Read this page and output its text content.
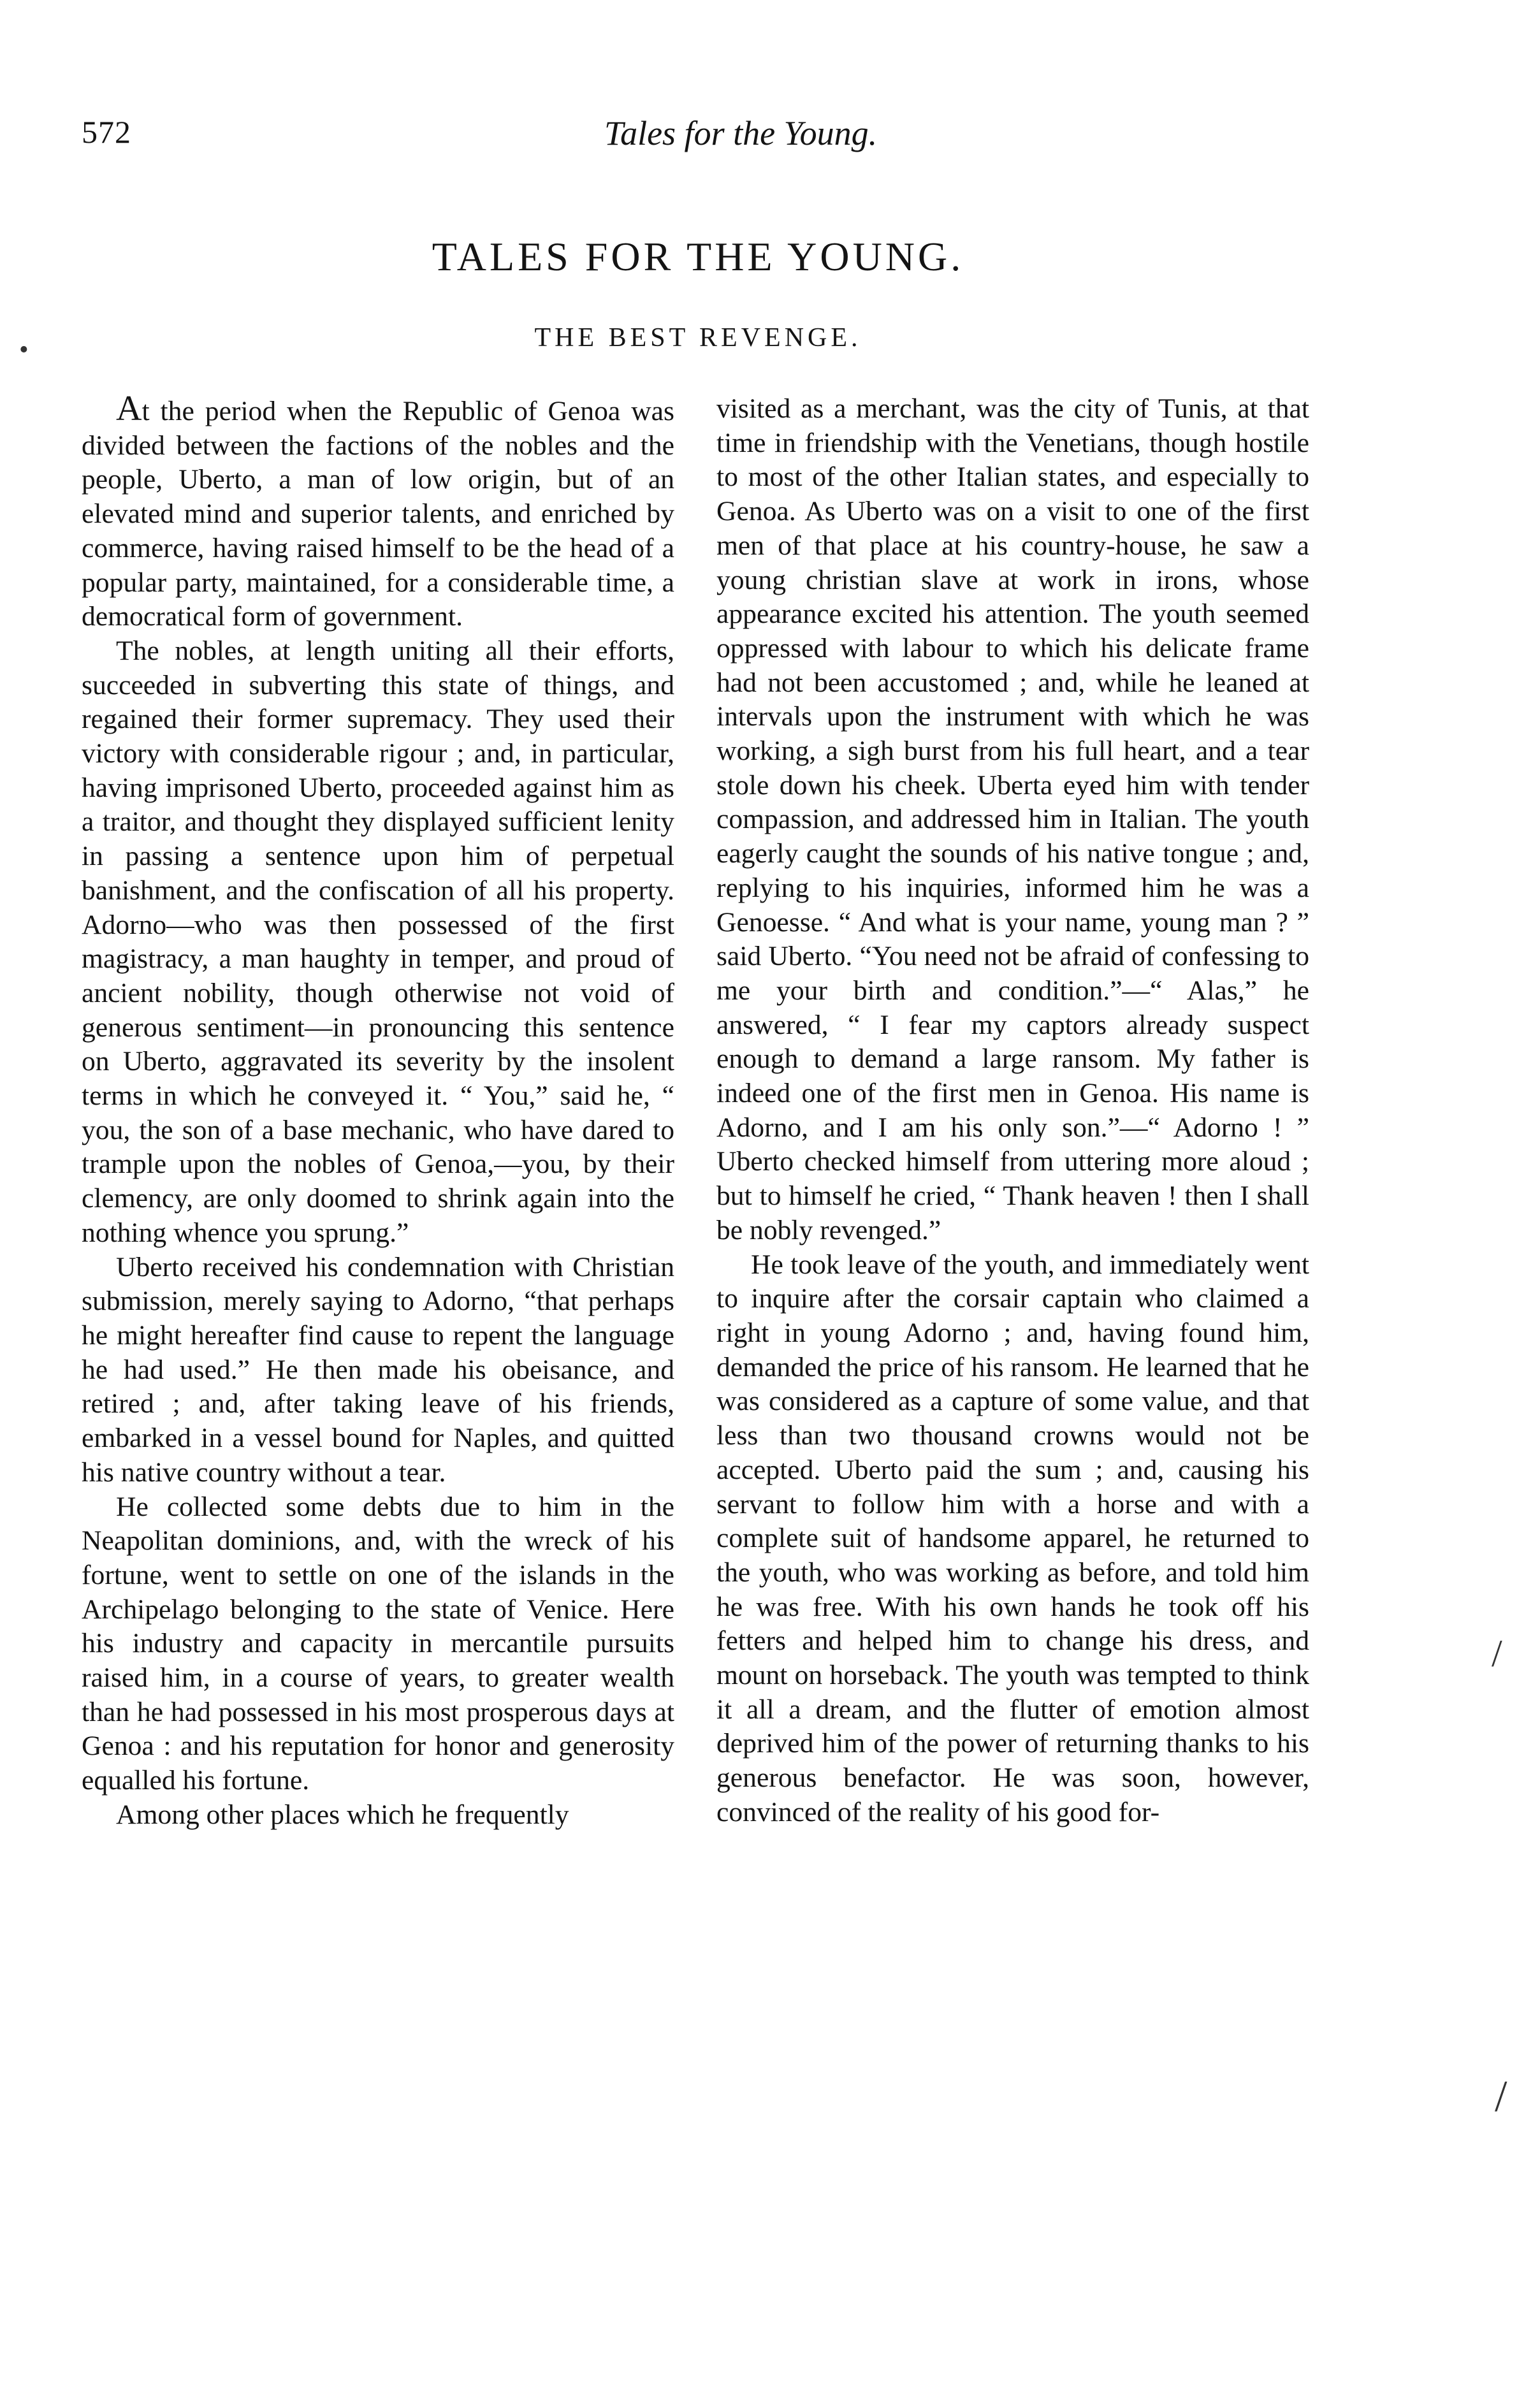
572	Tales for the Young.
TALES FOR THE YOUNG.
THE BEST REVENGE.

At the period when the Republic of Genoa was divided between the factions of the nobles and the people, Uberto, a man of low origin, but of an elevated mind and superior talents, and enriched by commerce, having raised himself to be the head of a popular party, maintained, for a considerable time, a democratical form of government.

The nobles, at length uniting all their efforts, succeeded in subverting this state of things, and regained their former supremacy. They used their victory with considerable rigour ; and, in particular, having imprisoned Uberto, proceeded against him as a traitor, and thought they displayed sufficient lenity in passing a sentence upon him of perpetual banishment, and the confiscation of all his property. Adorno—who was then possessed of the first magistracy, a man haughty in temper, and proud of ancient nobility, though otherwise not void of generous sentiment—in pronouncing this sentence on Uberto, aggravated its severity by the insolent terms in which he conveyed it. “ You,” said he, “ you, the son of a base mechanic, who have dared to trample upon the nobles of Genoa,—you, by their clemency, are only doomed to shrink again into the nothing whence you sprung.”

Uberto received his condemnation with Christian submission, merely saying to Adorno, “that perhaps he might hereafter find cause to repent the language he had used.” He then made his obeisance, and retired ; and, after taking leave of his friends, embarked in a vessel bound for Naples, and quitted his native country without a tear.

He collected some debts due to him in the Neapolitan dominions, and, with the wreck of his fortune, went to settle on one of the islands in the Archipelago belonging to the state of Venice. Here his industry and capacity in mercantile pursuits raised him, in a course of years, to greater wealth than he had possessed in his most prosperous days at Genoa : and his reputation for honor and generosity equalled his fortune.

Among other places which he frequently

visited as a merchant, was the city of Tunis, at that time in friendship with the Venetians, though hostile to most of the other Italian states, and especially to Genoa. As Uberto was on a visit to one of the first men of that place at his country-house, he saw a young christian slave at work in irons, whose appearance excited his attention. The youth seemed oppressed with labour to which his delicate frame had not been accustomed ; and, while he leaned at intervals upon the instrument with which he was working, a sigh burst from his full heart, and a tear stole down his cheek. Uberta eyed him with tender compassion, and addressed him in Italian. The youth eagerly caught the sounds of his native tongue ; and, replying to his inquiries, informed him he was a Genoesse. “ And what is your name, young man ? ” said Uberto. “You need not be afraid of confessing to me your birth and condition.”—“ Alas,” he answered, “ I fear my captors already suspect enough to demand a large ransom. My father is indeed one of the first men in Genoa. His name is Adorno, and I am his only son.”—“ Adorno ! ” Uberto checked himself from uttering more aloud ; but to himself he cried, “ Thank heaven ! then I shall be nobly revenged.”

He took leave of the youth, and immediately went to inquire after the corsair captain who claimed a right in young Adorno ; and, having found him, demanded the price of his ransom. He learned that he was considered as a capture of some value, and that less than two thousand crowns would not be accepted. Uberto paid the sum ; and, causing his servant to follow him with a horse and with a complete suit of handsome apparel, he returned to the youth, who was working as before, and told him he was free. With his own hands he took off his fetters and helped him to change his dress, and mount on horseback. The youth was tempted to think it all a dream, and the flutter of emotion almost deprived him of the power of returning thanks to his generous benefactor. He was soon, however, convinced of the reality of his good for-

•
/
/
